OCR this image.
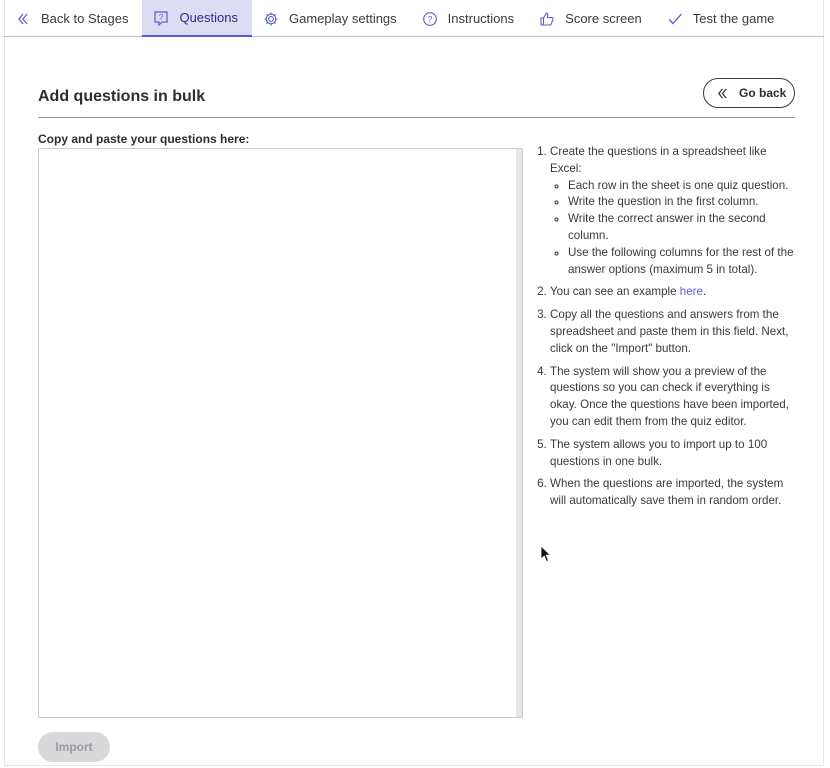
Back to Stages	? Questions	Gameplay settings	? Instructions	Score screen	Test the game
Add questions in bulk	Go back
Copy and paste your questions here:
1. Create the questions in a spreadsheet like Excel:
◦ Each row in the sheet is one quiz question.
◦ Write the question in the first column.
◦ Write the correct answer in the second column.
◦ Use the following columns for the rest of the answer options (maximum 5 in total).
2. You can see an example here.
3. Copy all the questions and answers from the spreadsheet and paste them in this field. Next, click on the "Import" button.
4. The system will show you a preview of the questions so you can check if everything is okay. Once the questions have been imported, you can edit them from the quiz editor.
5. The system allows you to import up to 100 questions in one bulk.
6. When the questions are imported, the system will automatically save them in random order.
Import
